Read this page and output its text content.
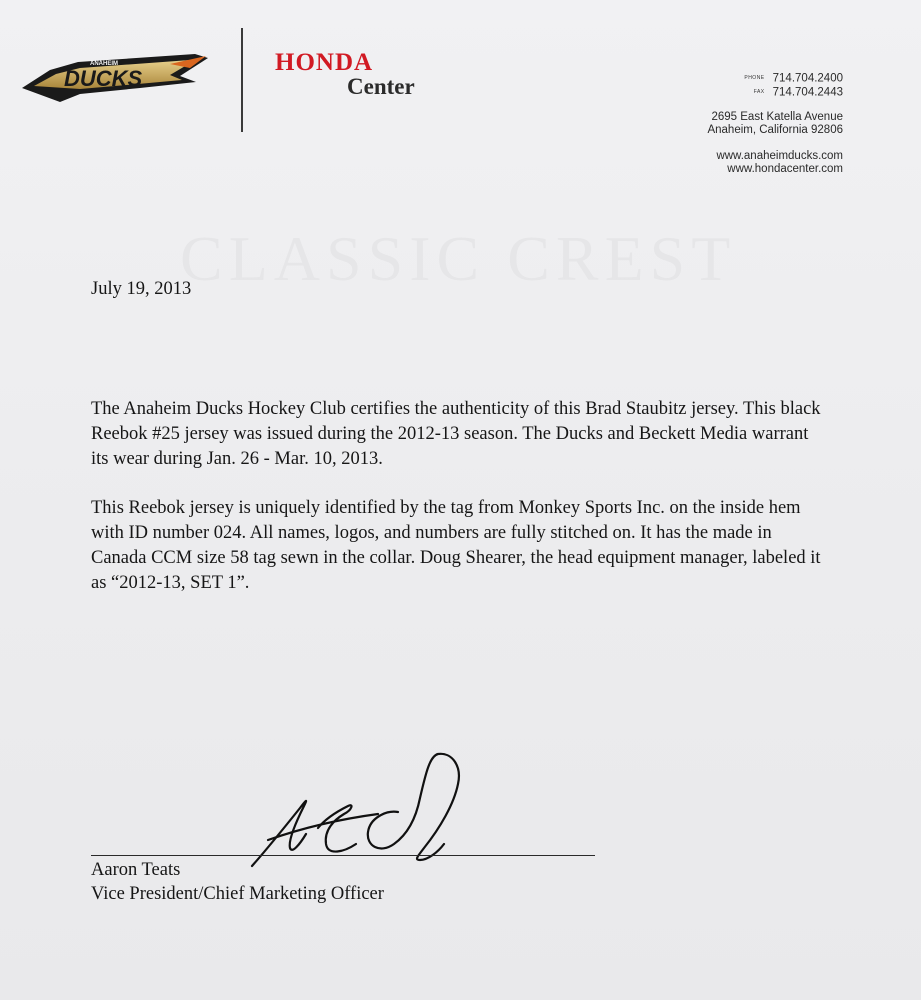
ANAHEIM
DUCKS
HONDA
Center	PHONE 714.704.2400
FAX 714.704.2443
2695 East Katella Avenue
Anaheim, California 92806
www.anaheimducks.com
www.hondacenter.com
July 19, 2013

The Anaheim Ducks Hockey Club certifies the authenticity of this Brad Staubitz jersey. This black Reebok #25 jersey was issued during the 2012-13 season. The Ducks and Beckett Media warrant its wear during Jan. 26 - Mar. 10, 2013.

This Reebok jersey is uniquely identified by the tag from Monkey Sports Inc. on the inside hem with ID number 024. All names, logos, and numbers are fully stitched on. It has the made in Canada CCM size 58 tag sewn in the collar. Doug Shearer, the head equipment manager, labeled it as “2012-13, SET 1”.

Aaron Teats
Vice President/Chief Marketing Officer
